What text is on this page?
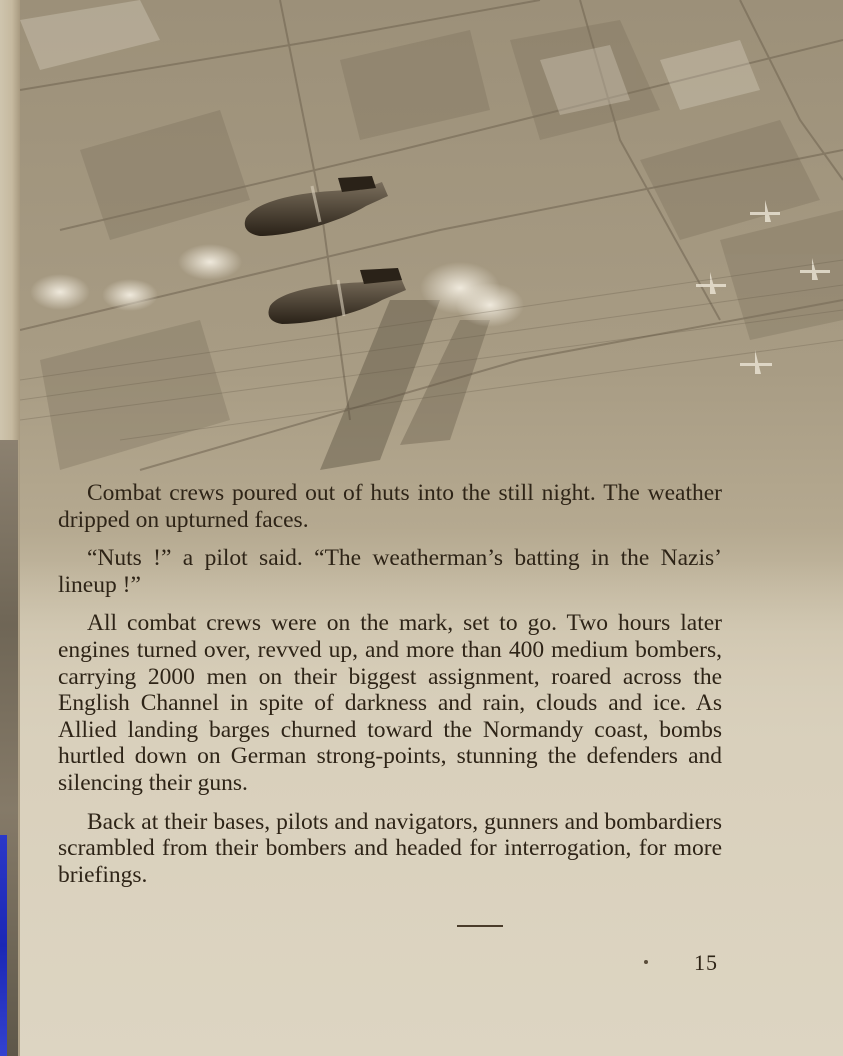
Combat crews poured out of huts into the still night. The weather dripped on upturned faces.

“Nuts !” a pilot said. “The weatherman’s batting in the Nazis’ lineup !”

All combat crews were on the mark, set to go. Two hours later engines turned over, revved up, and more than 400 medium bombers, carrying 2000 men on their biggest assignment, roared across the English Channel in spite of darkness and rain, clouds and ice. As Allied landing barges churned toward the Normandy coast, bombs hurtled down on German strong-points, stunning the defenders and silencing their guns.

Back at their bases, pilots and navigators, gunners and bombardiers scrambled from their bombers and headed for interrogation, for more briefings.

15
